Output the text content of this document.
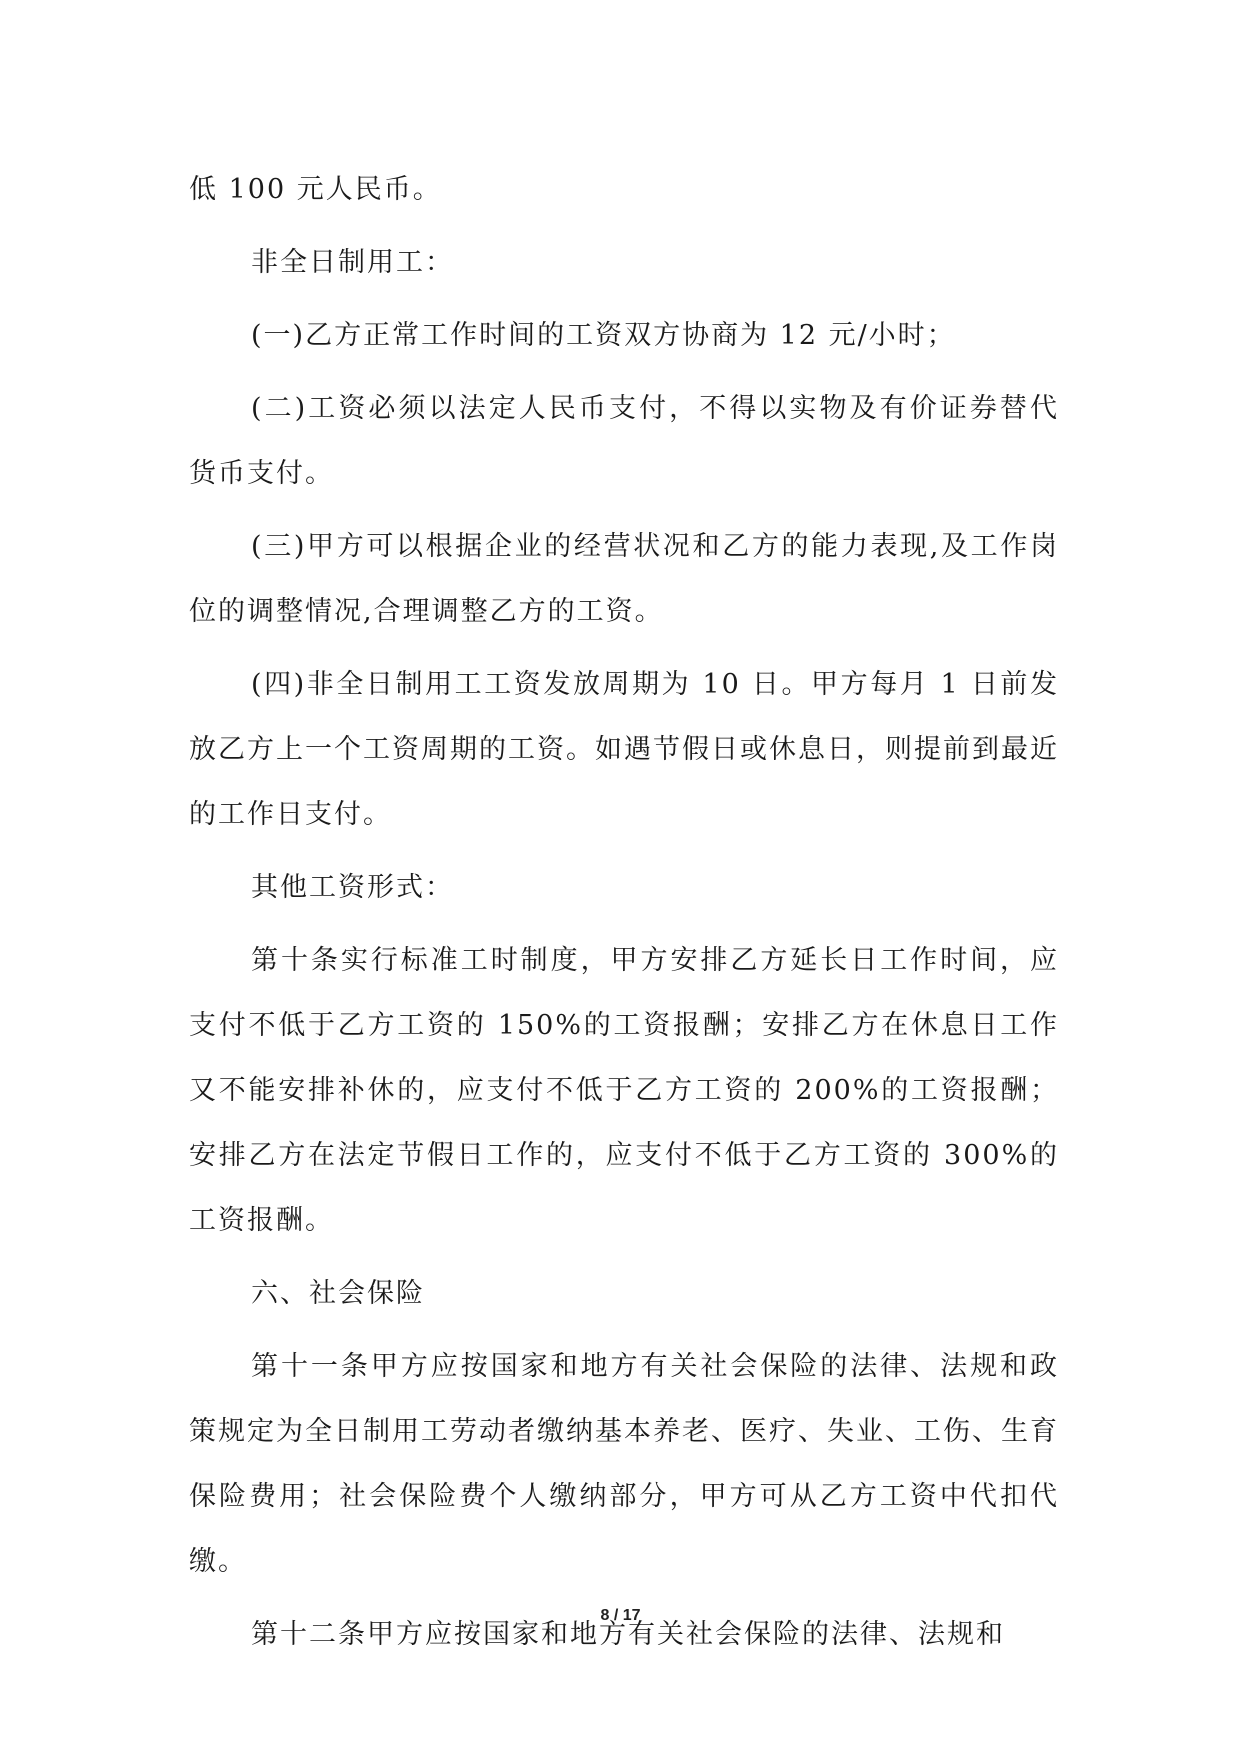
低 100 元人民币。

非全日制用工：

(一)乙方正常工作时间的工资双方协商为 12 元/小时；

(二)工资必须以法定人民币支付，不得以实物及有价证券替代货币支付。

(三)甲方可以根据企业的经营状况和乙方的能力表现,及工作岗位的调整情况,合理调整乙方的工资。

(四)非全日制用工工资发放周期为 10 日。甲方每月 1 日前发放乙方上一个工资周期的工资。如遇节假日或休息日，则提前到最近的工作日支付。

其他工资形式：

第十条实行标准工时制度，甲方安排乙方延长日工作时间，应支付不低于乙方工资的 150%的工资报酬；安排乙方在休息日工作又不能安排补休的，应支付不低于乙方工资的 200%的工资报酬；安排乙方在法定节假日工作的，应支付不低于乙方工资的 300%的工资报酬。

六、社会保险

第十一条甲方应按国家和地方有关社会保险的法律、法规和政策规定为全日制用工劳动者缴纳基本养老、医疗、失业、工伤、生育保险费用；社会保险费个人缴纳部分，甲方可从乙方工资中代扣代缴。

第十二条甲方应按国家和地方有关社会保险的法律、法规和

8 / 17
